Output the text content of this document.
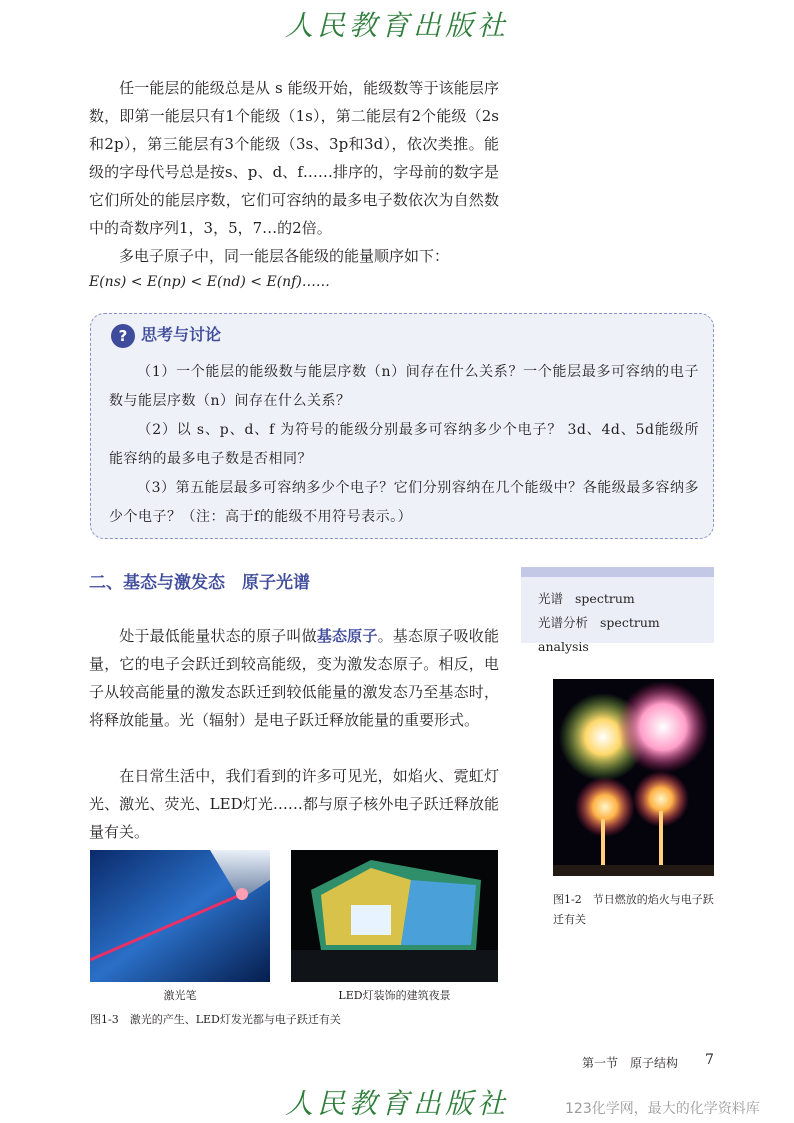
人民教育出版社
任一能层的能级总是从 s 能级开始，能级数等于该能层序数，即第一能层只有1个能级（1s），第二能层有2个能级（2s和2p），第三能层有3个能级（3s、3p和3d），依次类推。能级的字母代号总是按s、p、d、f……排序的，字母前的数字是它们所处的能层序数，它们可容纳的最多电子数依次为自然数中的奇数序列1，3，5，7…的2倍。
多电子原子中，同一能层各能级的能量顺序如下：
E(ns) < E(np) < E(nd) < E(nf)……
? 思考与讨论
（1）一个能层的能级数与能层序数（n）间存在什么关系？一个能层最多可容纳的电子数与能层序数（n）间存在什么关系？
（2）以 s、p、d、f 为符号的能级分别最多可容纳多少个电子？ 3d、4d、5d能级所能容纳的最多电子数是否相同？
（3）第五能层最多可容纳多少个电子？它们分别容纳在几个能级中？各能级最多容纳多少个电子？（注：高于f的能级不用符号表示。）
二、基态与激发态　原子光谱
光谱 spectrum
光谱分析 spectrum analysis
处于最低能量状态的原子叫做基态原子。基态原子吸收能量，它的电子会跃迁到较高能级，变为激发态原子。相反，电子从较高能量的激发态跃迁到较低能量的激发态乃至基态时，将释放能量。光（辐射）是电子跃迁释放能量的重要形式。
在日常生活中，我们看到的许多可见光，如焰火、霓虹灯光、激光、荧光、LED灯光……都与原子核外电子跃迁释放能量有关。
图1-2　节日燃放的焰火与电子跃迁有关
激光笔	LED灯装饰的建筑夜景
图1-3　激光的产生、LED灯发光都与电子跃迁有关
第一节　原子结构 7
人民教育出版社	123化学网，最大的化学资料库
